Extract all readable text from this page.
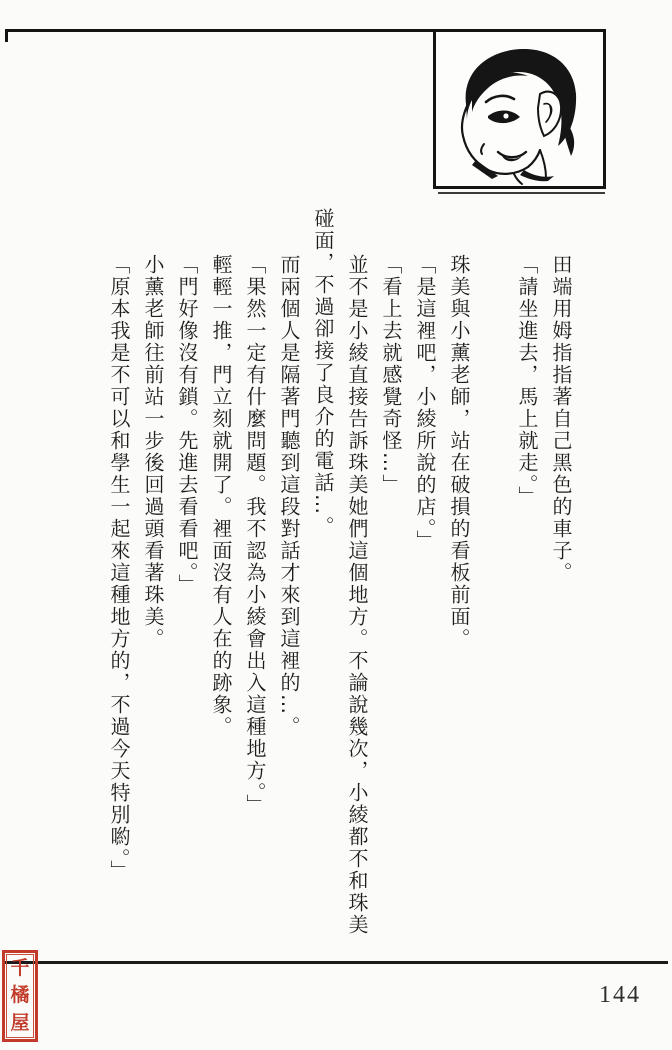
田端用姆指指著自己黑色的車子。

「請坐進去，馬上就走。」

珠美與小薰老師，站在破損的看板前面。

「是這裡吧，小綾所說的店。」

「看上去就感覺奇怪…」

並不是小綾直接告訴珠美她們這個地方。不論說幾次，小綾都不和珠美

碰面，不過卻接了良介的電話…。

而兩個人是隔著門聽到這段對話才來到這裡的…。

「果然一定有什麼問題。我不認為小綾會出入這種地方。」

輕輕一推，門立刻就開了。裡面沒有人在的跡象。

「門好像沒有鎖。先進去看看吧。」

小薰老師往前站一步後回過頭看著珠美。

「原本我是不可以和學生一起來這種地方的，不過今天特別喲。」

千
橘
屋
144
